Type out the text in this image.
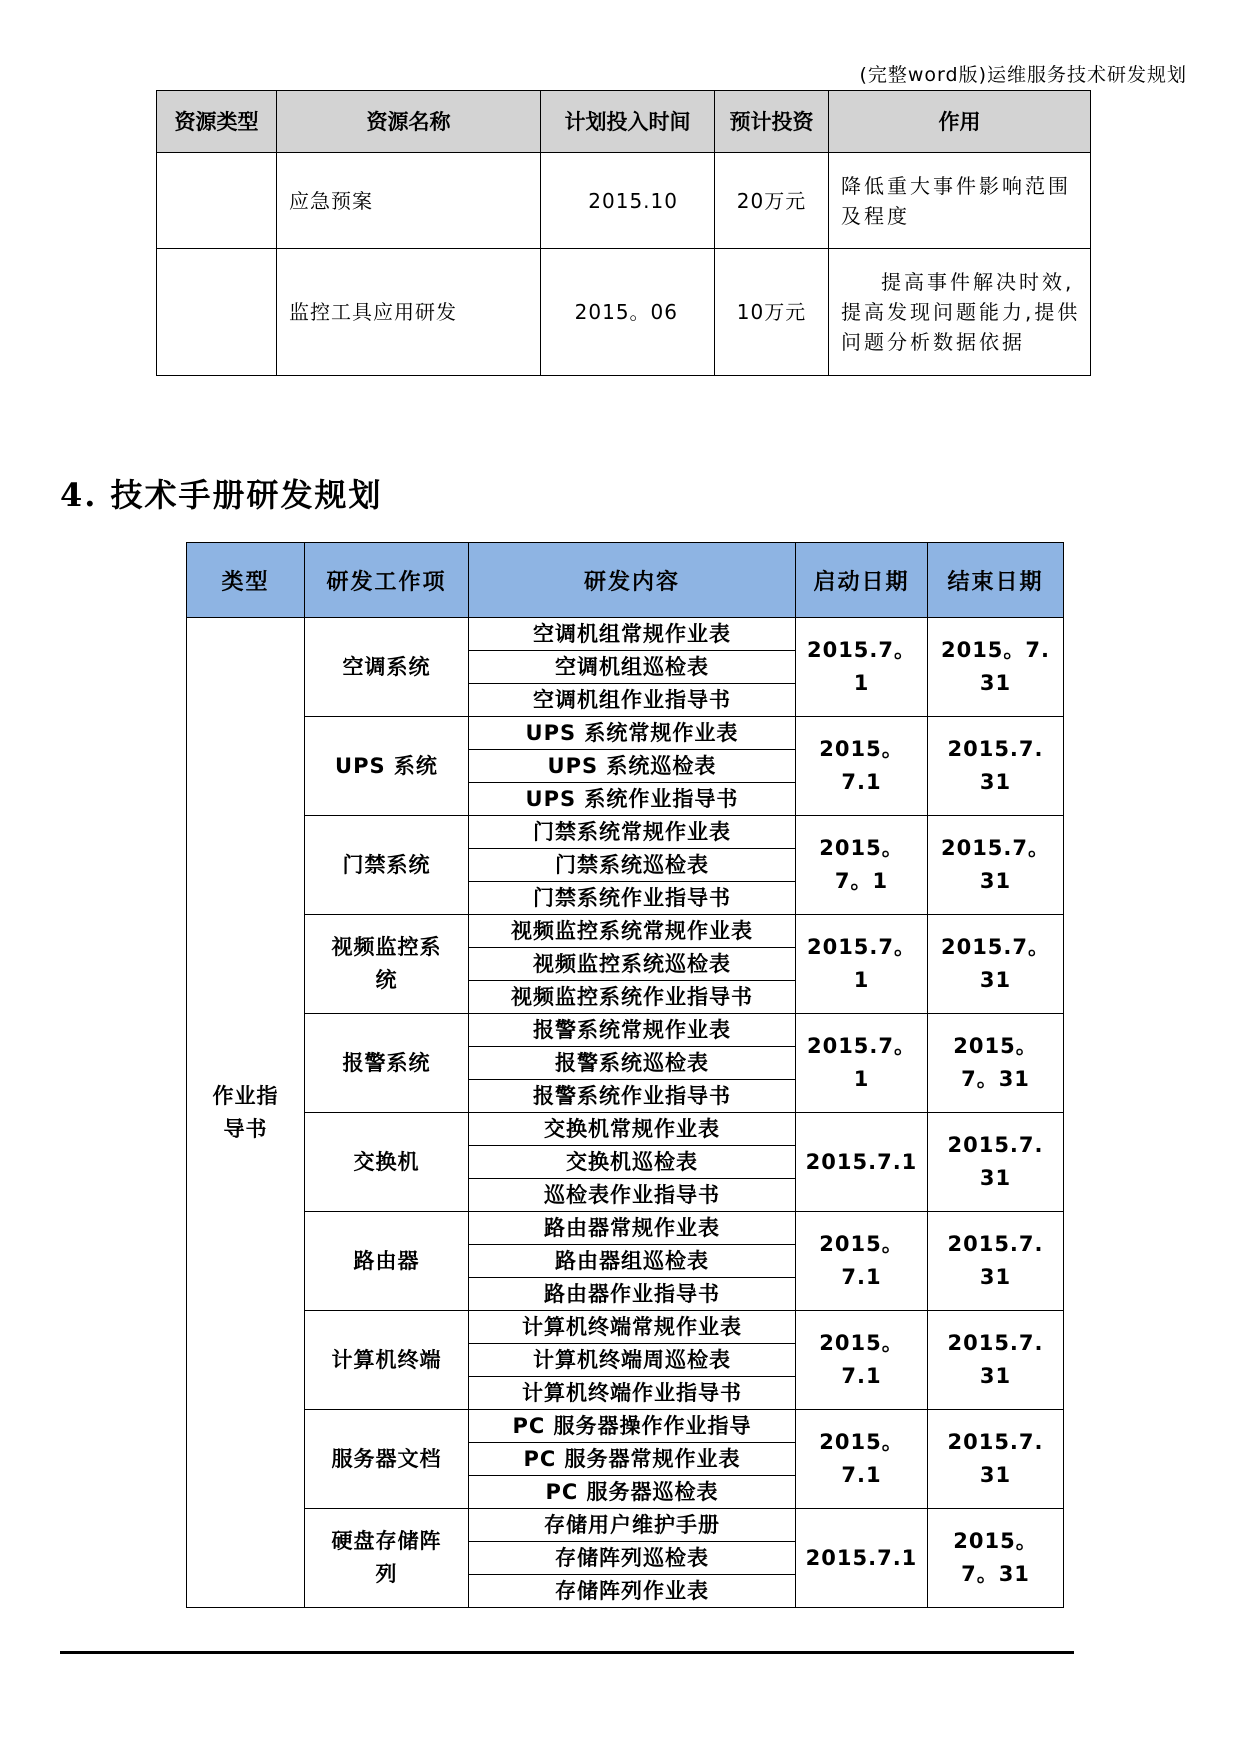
(完整word版)运维服务技术研发规划
资源类型	资源名称	计划投入时间	预计投资	作用
	应急预案	2015.10	20万元	降低重大事件影响范围及程度
	监控工具应用研发	2015。06	10万元	提高事件解决时效,提高发现问题能力,提供问题分析数据依据
4. 技术手册研发规划
类型	研发工作项	研发内容	启动日期	结束日期
作业指导书	空调系统	空调机组常规作业表	2015.7。1	2015。7.31
		空调机组巡检表		
		空调机组作业指导书		
	UPS 系统	UPS 系统常规作业表	2015。7.1	2015.7.31
		UPS 系统巡检表		
		UPS 系统作业指导书		
	门禁系统	门禁系统常规作业表	2015。7。1	2015.7。31
		门禁系统巡检表		
		门禁系统作业指导书		
	视频监控系统	视频监控系统常规作业表	2015.7。1	2015.7。31
		视频监控系统巡检表		
		视频监控系统作业指导书		
	报警系统	报警系统常规作业表	2015.7。1	2015。7。31
		报警系统巡检表		
		报警系统作业指导书		
	交换机	交换机常规作业表	2015.7.1	2015.7.31
		交换机巡检表		
		巡检表作业指导书		
	路由器	路由器常规作业表	2015。7.1	2015.7.31
		路由器组巡检表		
		路由器作业指导书		
	计算机终端	计算机终端常规作业表	2015。7.1	2015.7.31
		计算机终端周巡检表		
		计算机终端作业指导书		
	服务器文档	PC 服务器操作作业指导	2015。7.1	2015.7.31
		PC 服务器常规作业表		
		PC 服务器巡检表		
	硬盘存储阵列	存储用户维护手册	2015.7.1	2015。7。31
		存储阵列巡检表		
		存储阵列作业表		
